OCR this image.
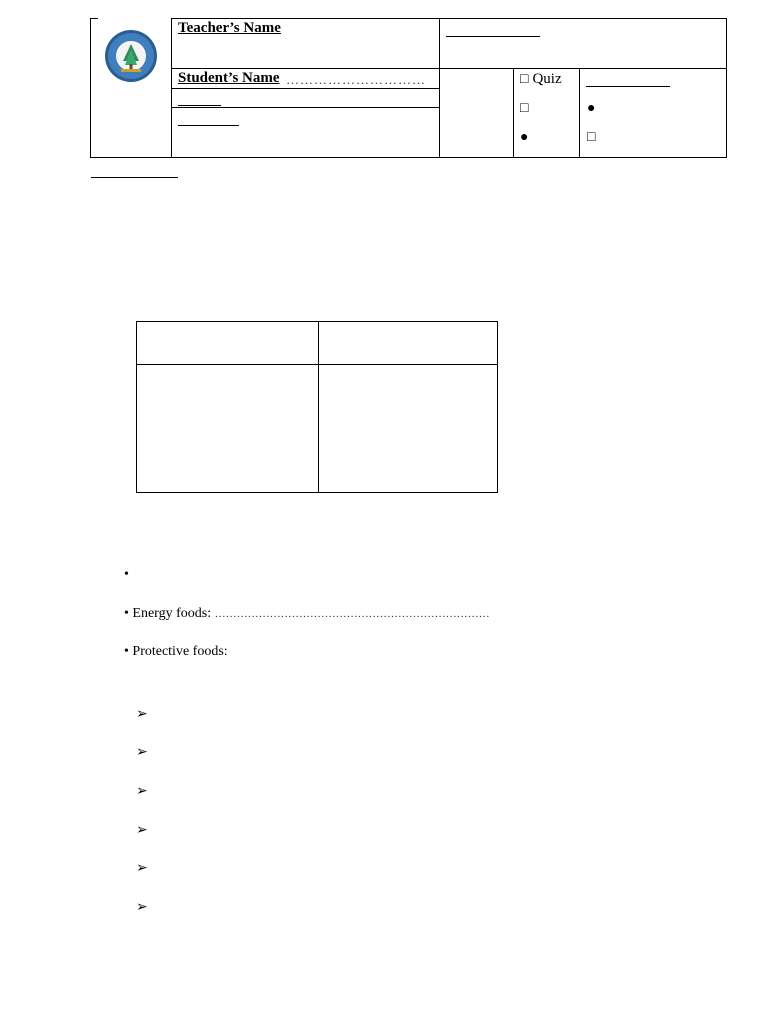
Teacher’s Name
Student’s Name …………………………	□ Quiz
□
●
●
□
•
• Energy foods: …………………………………………………………………
• Protective foods:
➢
➢
➢
➢
➢
➢
